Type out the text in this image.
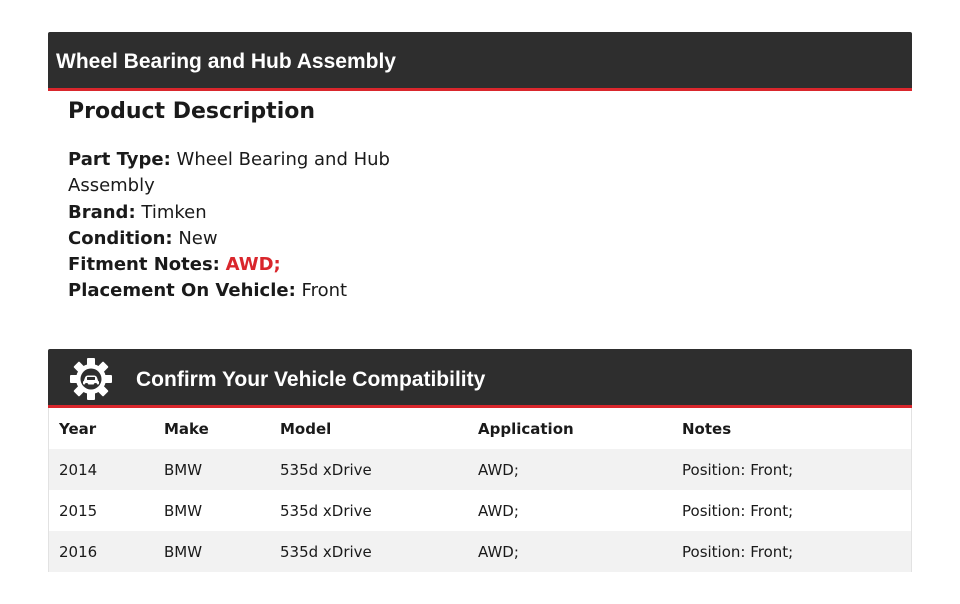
Wheel Bearing and Hub Assembly
Product Description
Part Type: Wheel Bearing and Hub Assembly
Brand: Timken
Condition: New
Fitment Notes: AWD;
Placement On Vehicle: Front
Confirm Your Vehicle Compatibility
Year	Make	Model	Application	Notes
2014	BMW	535d xDrive	AWD;	Position: Front;
2015	BMW	535d xDrive	AWD;	Position: Front;
2016	BMW	535d xDrive	AWD;	Position: Front;
